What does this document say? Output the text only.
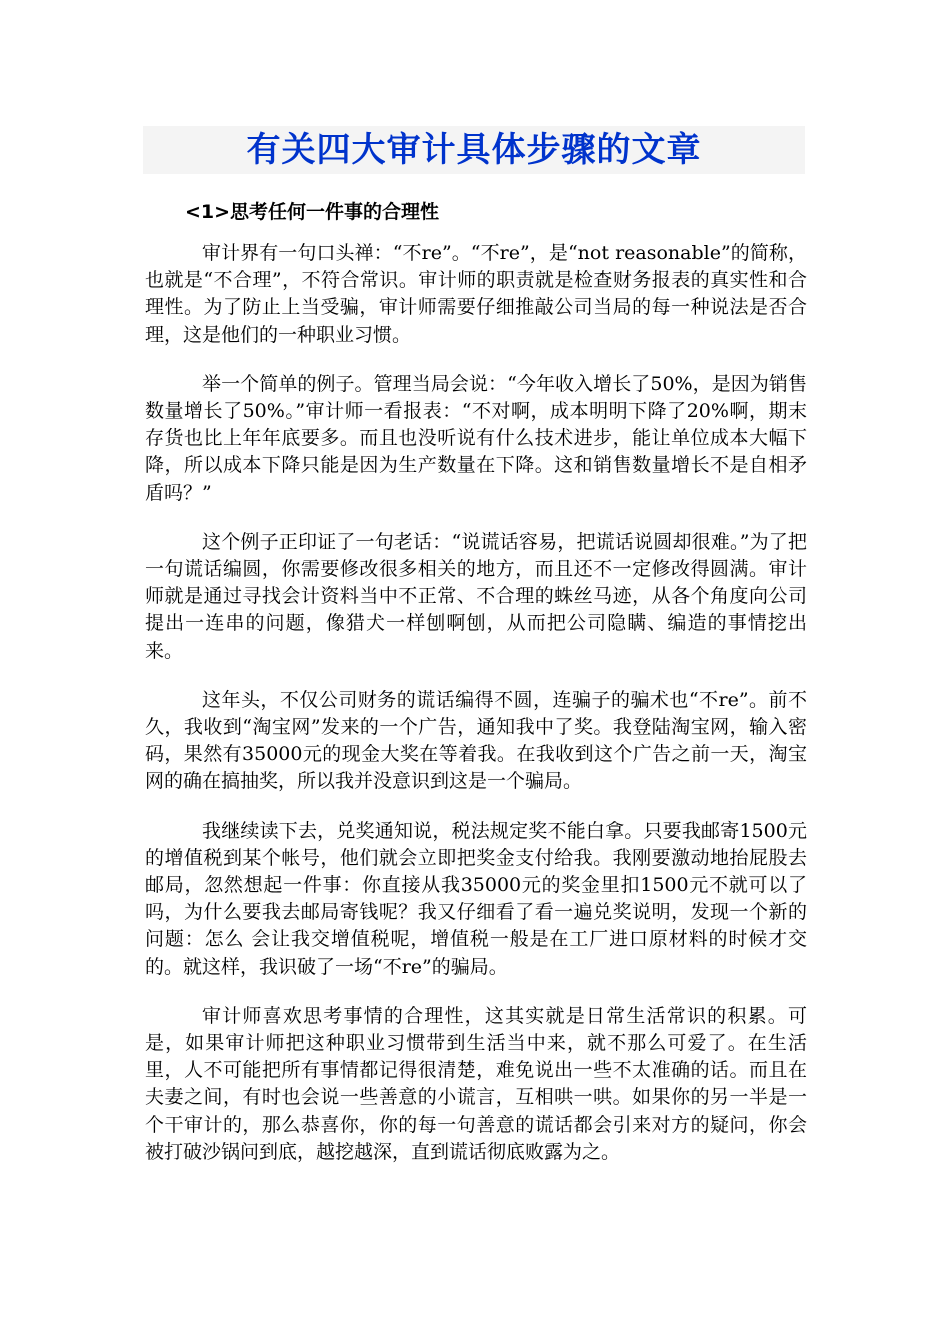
有关四大审计具体步骤的文章
<1>思考任何一件事的合理性

审计界有一句口头禅：“不re”。“不re”，是“not reasonable”的简称，也就是“不合理”，不符合常识。审计师的职责就是检查财务报表的真实性和合理性。为了防止上当受骗，审计师需要仔细推敲公司当局的每一种说法是否合理，这是他们的一种职业习惯。

举一个简单的例子。管理当局会说：“今年收入增长了50%，是因为销售数量增长了50%。”审计师一看报表：“不对啊，成本明明下降了20%啊，期末存货也比上年年底要多。而且也没听说有什么技术进步，能让单位成本大幅下降，所以成本下降只能是因为生产数量在下降。这和销售数量增长不是自相矛盾吗？”

这个例子正印证了一句老话：“说谎话容易，把谎话说圆却很难。”为了把一句谎话编圆，你需要修改很多相关的地方，而且还不一定修改得圆满。审计师就是通过寻找会计资料当中不正常、不合理的蛛丝马迹，从各个角度向公司提出一连串的问题，像猎犬一样刨啊刨，从而把公司隐瞒、编造的事情挖出来。

这年头，不仅公司财务的谎话编得不圆，连骗子的骗术也“不re”。前不久，我收到“淘宝网”发来的一个广告，通知我中了奖。我登陆淘宝网，输入密码，果然有35000元的现金大奖在等着我。在我收到这个广告之前一天，淘宝网的确在搞抽奖，所以我并没意识到这是一个骗局。

我继续读下去，兑奖通知说，税法规定奖不能白拿。只要我邮寄1500元的增值税到某个帐号，他们就会立即把奖金支付给我。我刚要激动地抬屁股去邮局，忽然想起一件事：你直接从我35000元的奖金里扣1500元不就可以了吗，为什么要我去邮局寄钱呢？我又仔细看了看一遍兑奖说明，发现一个新的问题：怎么 会让我交增值税呢，增值税一般是在工厂进口原材料的时候才交的。就这样，我识破了一场“不re”的骗局。

审计师喜欢思考事情的合理性，这其实就是日常生活常识的积累。可是，如果审计师把这种职业习惯带到生活当中来，就不那么可爱了。在生活里，人不可能把所有事情都记得很清楚，难免说出一些不太准确的话。而且在夫妻之间，有时也会说一些善意的小谎言，互相哄一哄。如果你的另一半是一个干审计的，那么恭喜你，你的每一句善意的谎话都会引来对方的疑问，你会被打破沙锅问到底，越挖越深，直到谎话彻底败露为之。
